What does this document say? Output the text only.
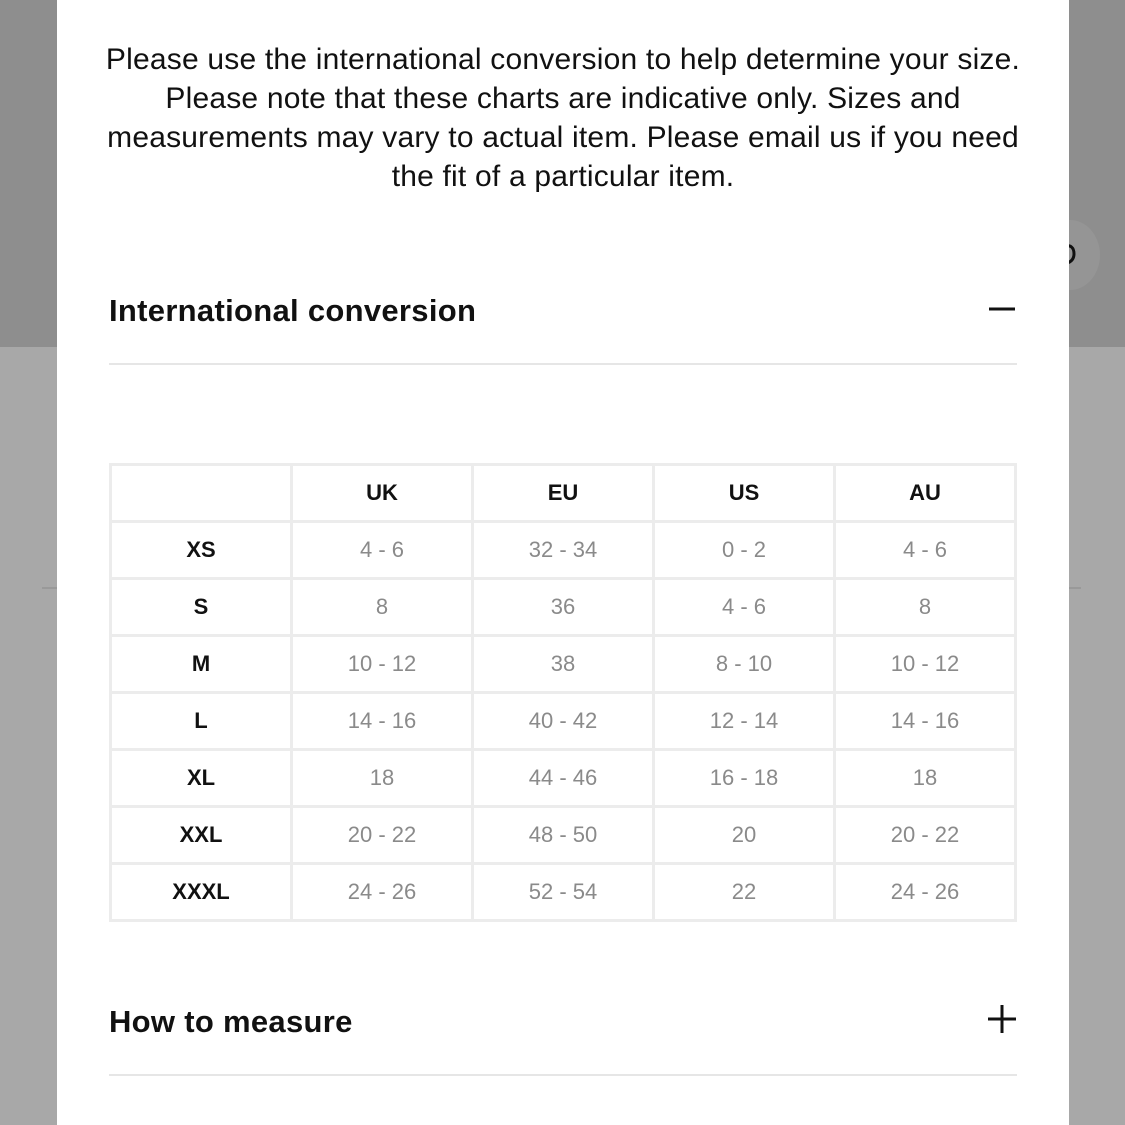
Please use the international conversion to help determine your size. Please note that these charts are indicative only. Sizes and measurements may vary to actual item. Please email us if you need the fit of a particular item.
International conversion
	UK	EU	US	AU
XS	4 - 6	32 - 34	0 - 2	4 - 6
S	8	36	4 - 6	8
M	10 - 12	38	8 - 10	10 - 12
L	14 - 16	40 - 42	12 - 14	14 - 16
XL	18	44 - 46	16 - 18	18
XXL	20 - 22	48 - 50	20	20 - 22
XXXL	24 - 26	52 - 54	22	24 - 26
How to measure
